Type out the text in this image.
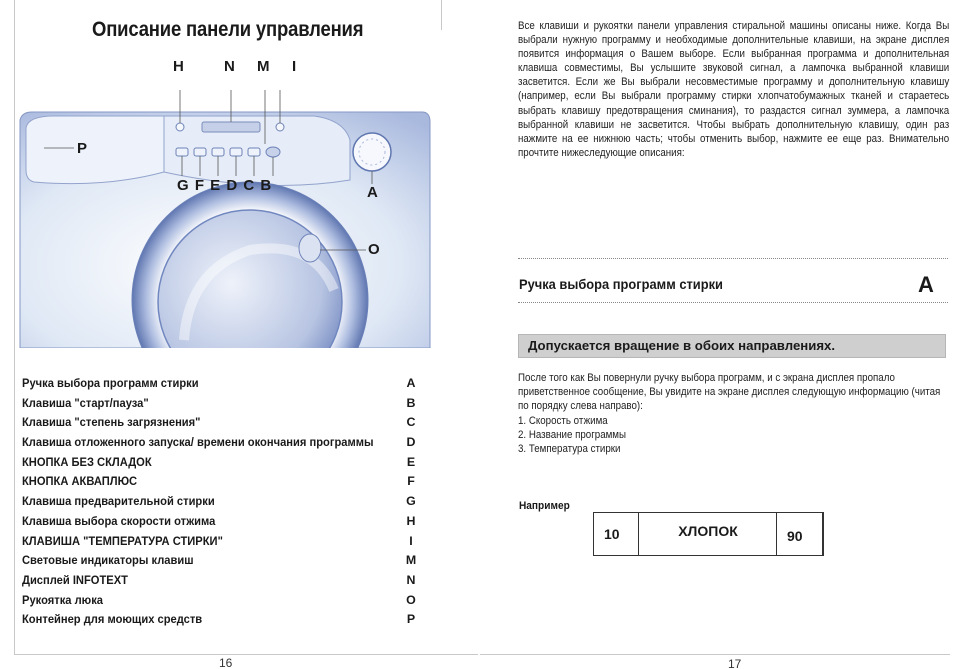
Описание панели управления
H	N M I
P
G F E D C B	A
O
Ручка выбора программ стирки	A
Клавиша "старт/пауза"	B
Клавиша "степень загрязнения"	C
Клавиша отложенного запуска/ времени окончания программы	D
КНОПКА БЕЗ СКЛАДОК	E
КНОПКА АКВАПЛЮС	F
Клавиша предварительной стирки	G
Клавиша выбора скорости отжима	H
КЛАВИША "ТЕМПЕРАТУРА СТИРКИ"	I
Световые индикаторы клавиш	M
Дисплей INFOTEXT	N
Рукоятка люка	O
Контейнер для моющих средств	P
16	17

Все клавиши и рукоятки панели управления стиральной машины описаны ниже. Когда Вы выбрали нужную программу и необходимые дополнительные клавиши, на экране дисплея появится информация о Вашем выборе. Если выбранная программа и дополнительная клавиша совместимы, Вы услышите звуковой сигнал, а лампочка выбранной клавиши засветится. Если же Вы выбрали несовместимые программу и дополнительную клавишу (например, если Вы выбрали программу стирки хлопчатобумажных тканей и стараетесь выбрать клавишу предотвращения сминания), то раздастся сигнал зуммера, а лампочка выбранной клавиши не засветится. Чтобы выбрать дополнительную клавишу, один раз нажмите на ее нижнюю часть; чтобы отменить выбор, нажмите ее еще раз. Внимательно прочтите нижеследующие описания:

Ручка выбора программ стирки	A
Допускается вращение в обоих направлениях.

После того как Вы повернули ручку выбора программ, и с экрана дисплея пропало приветственное сообщение, Вы увидите на экране дисплея следующую информацию (читая по порядку слева направо):

1. Скорость отжима
2. Название программы
3. Температура стирки
Например
10	ХЛОПОК	90
